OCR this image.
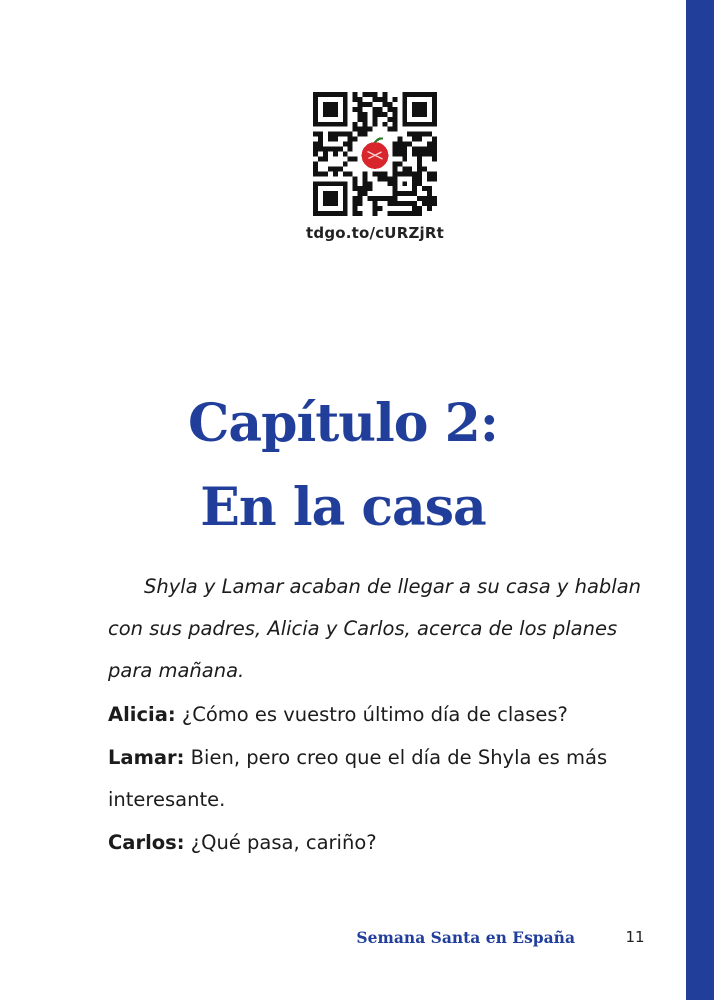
tdgo.to/cURZjRt
Capítulo 2:
En la casa

Shyla y Lamar acaban de llegar a su casa y hablan con sus padres, Alicia y Carlos, acerca de los planes para mañana.

Alicia: ¿Cómo es vuestro último día de clases?

Lamar: Bien, pero creo que el día de Shyla es más interesante.

Carlos: ¿Qué pasa, cariño?

Semana Santa en España	11
